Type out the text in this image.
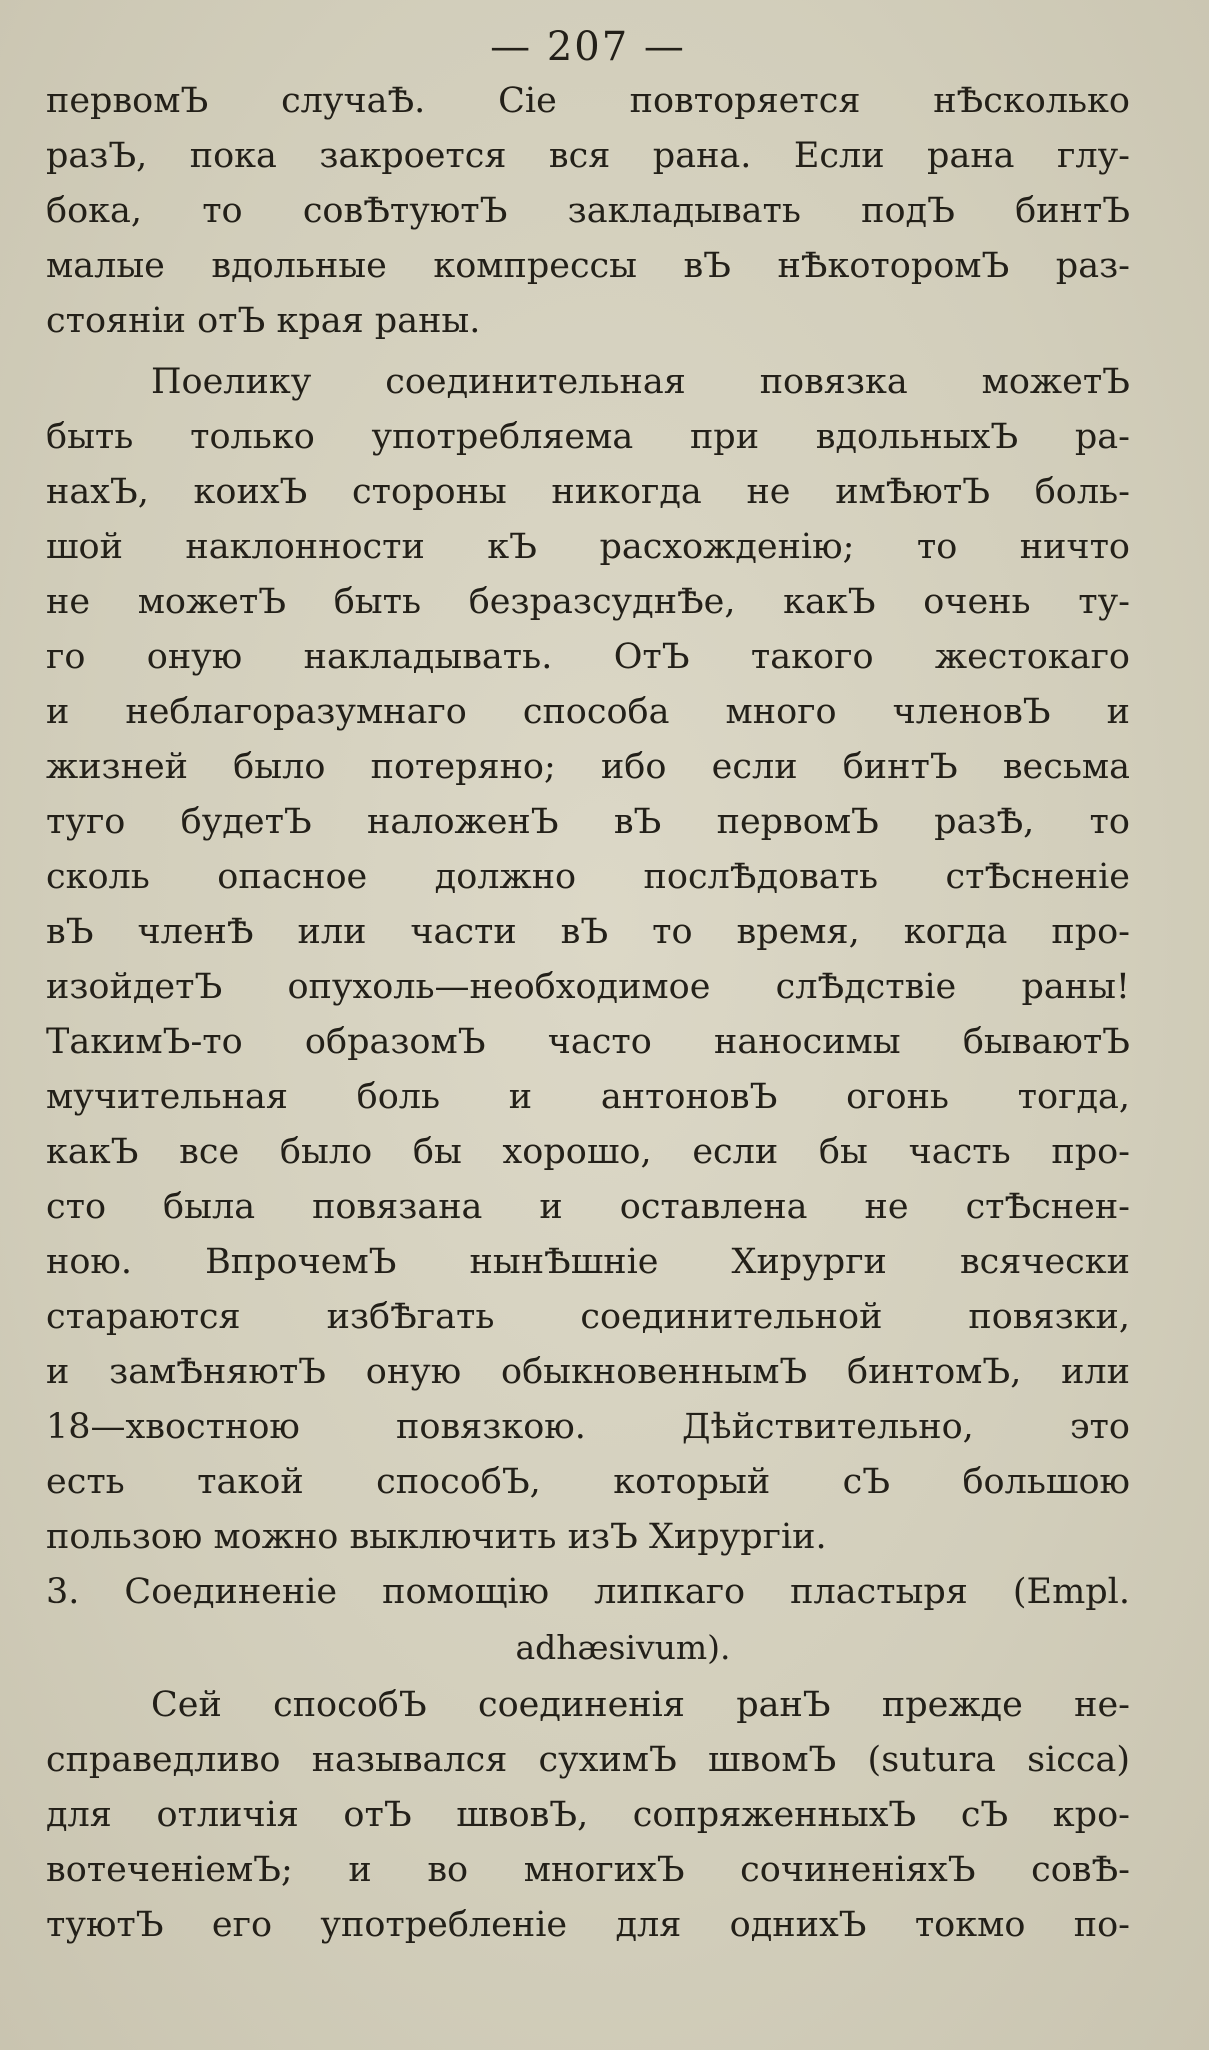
— 207 —
первомЪ случаѢ. Сіе повторяется нѢсколько
разЪ, пока закроется вся рана. Если рана глу-
бока, то совѢтуютЪ закладывать подЪ бинтЪ
малые вдольные компрессы вЪ нѢкоторомЪ раз-
стояніи отЪ края раны.
Поелику соединительная повязка можетЪ
быть только употребляема при вдольныхЪ ра-
нахЪ, коихЪ стороны никогда не имѢютЪ боль-
шой наклонности кЪ расхожденію; то ничто
не можетЪ быть безразсуднѢе, какЪ очень ту-
го оную накладывать. ОтЪ такого жестокаго
и неблагоразумнаго способа много членовЪ и
жизней было потеряно; ибо если бинтЪ весьма
туго будетЪ наложенЪ вЪ первомЪ разѢ, то
сколь опасное должно послѢдовать стѢсненіе
вЪ членѢ или части вЪ то время, когда про-
изойдетЪ опухоль—необходимое слѢдствіе раны!
ТакимЪ-то образомЪ часто наносимы бываютЪ
мучительная боль и антоновЪ огонь тогда,
какЪ все было бы хорошо, если бы часть про-
сто была повязана и оставлена не стѢснен-
ною. ВпрочемЪ нынѢшніе Хирурги всячески
стараются избѢгать соединительной повязки,
и замѢняютЪ оную обыкновеннымЪ бинтомЪ, или
18—хвостною повязкою. Дѣйствительно, это
есть такой способЪ, который сЪ большою
пользою можно выключить изЪ Хирургіи.
3. Соединеніе помощію липкаго пластыря (Empl.
adhæsivum).
Сей способЪ соединенія ранЪ прежде не-
справедливо назывался сухимЪ швомЪ (sutura sicca)
для отличія отЪ швовЪ, сопряженныхЪ сЪ кро-
вотеченіемЪ; и во многихЪ сочиненіяхЪ совѢ-
туютЪ его употребленіе для однихЪ токмо по-
